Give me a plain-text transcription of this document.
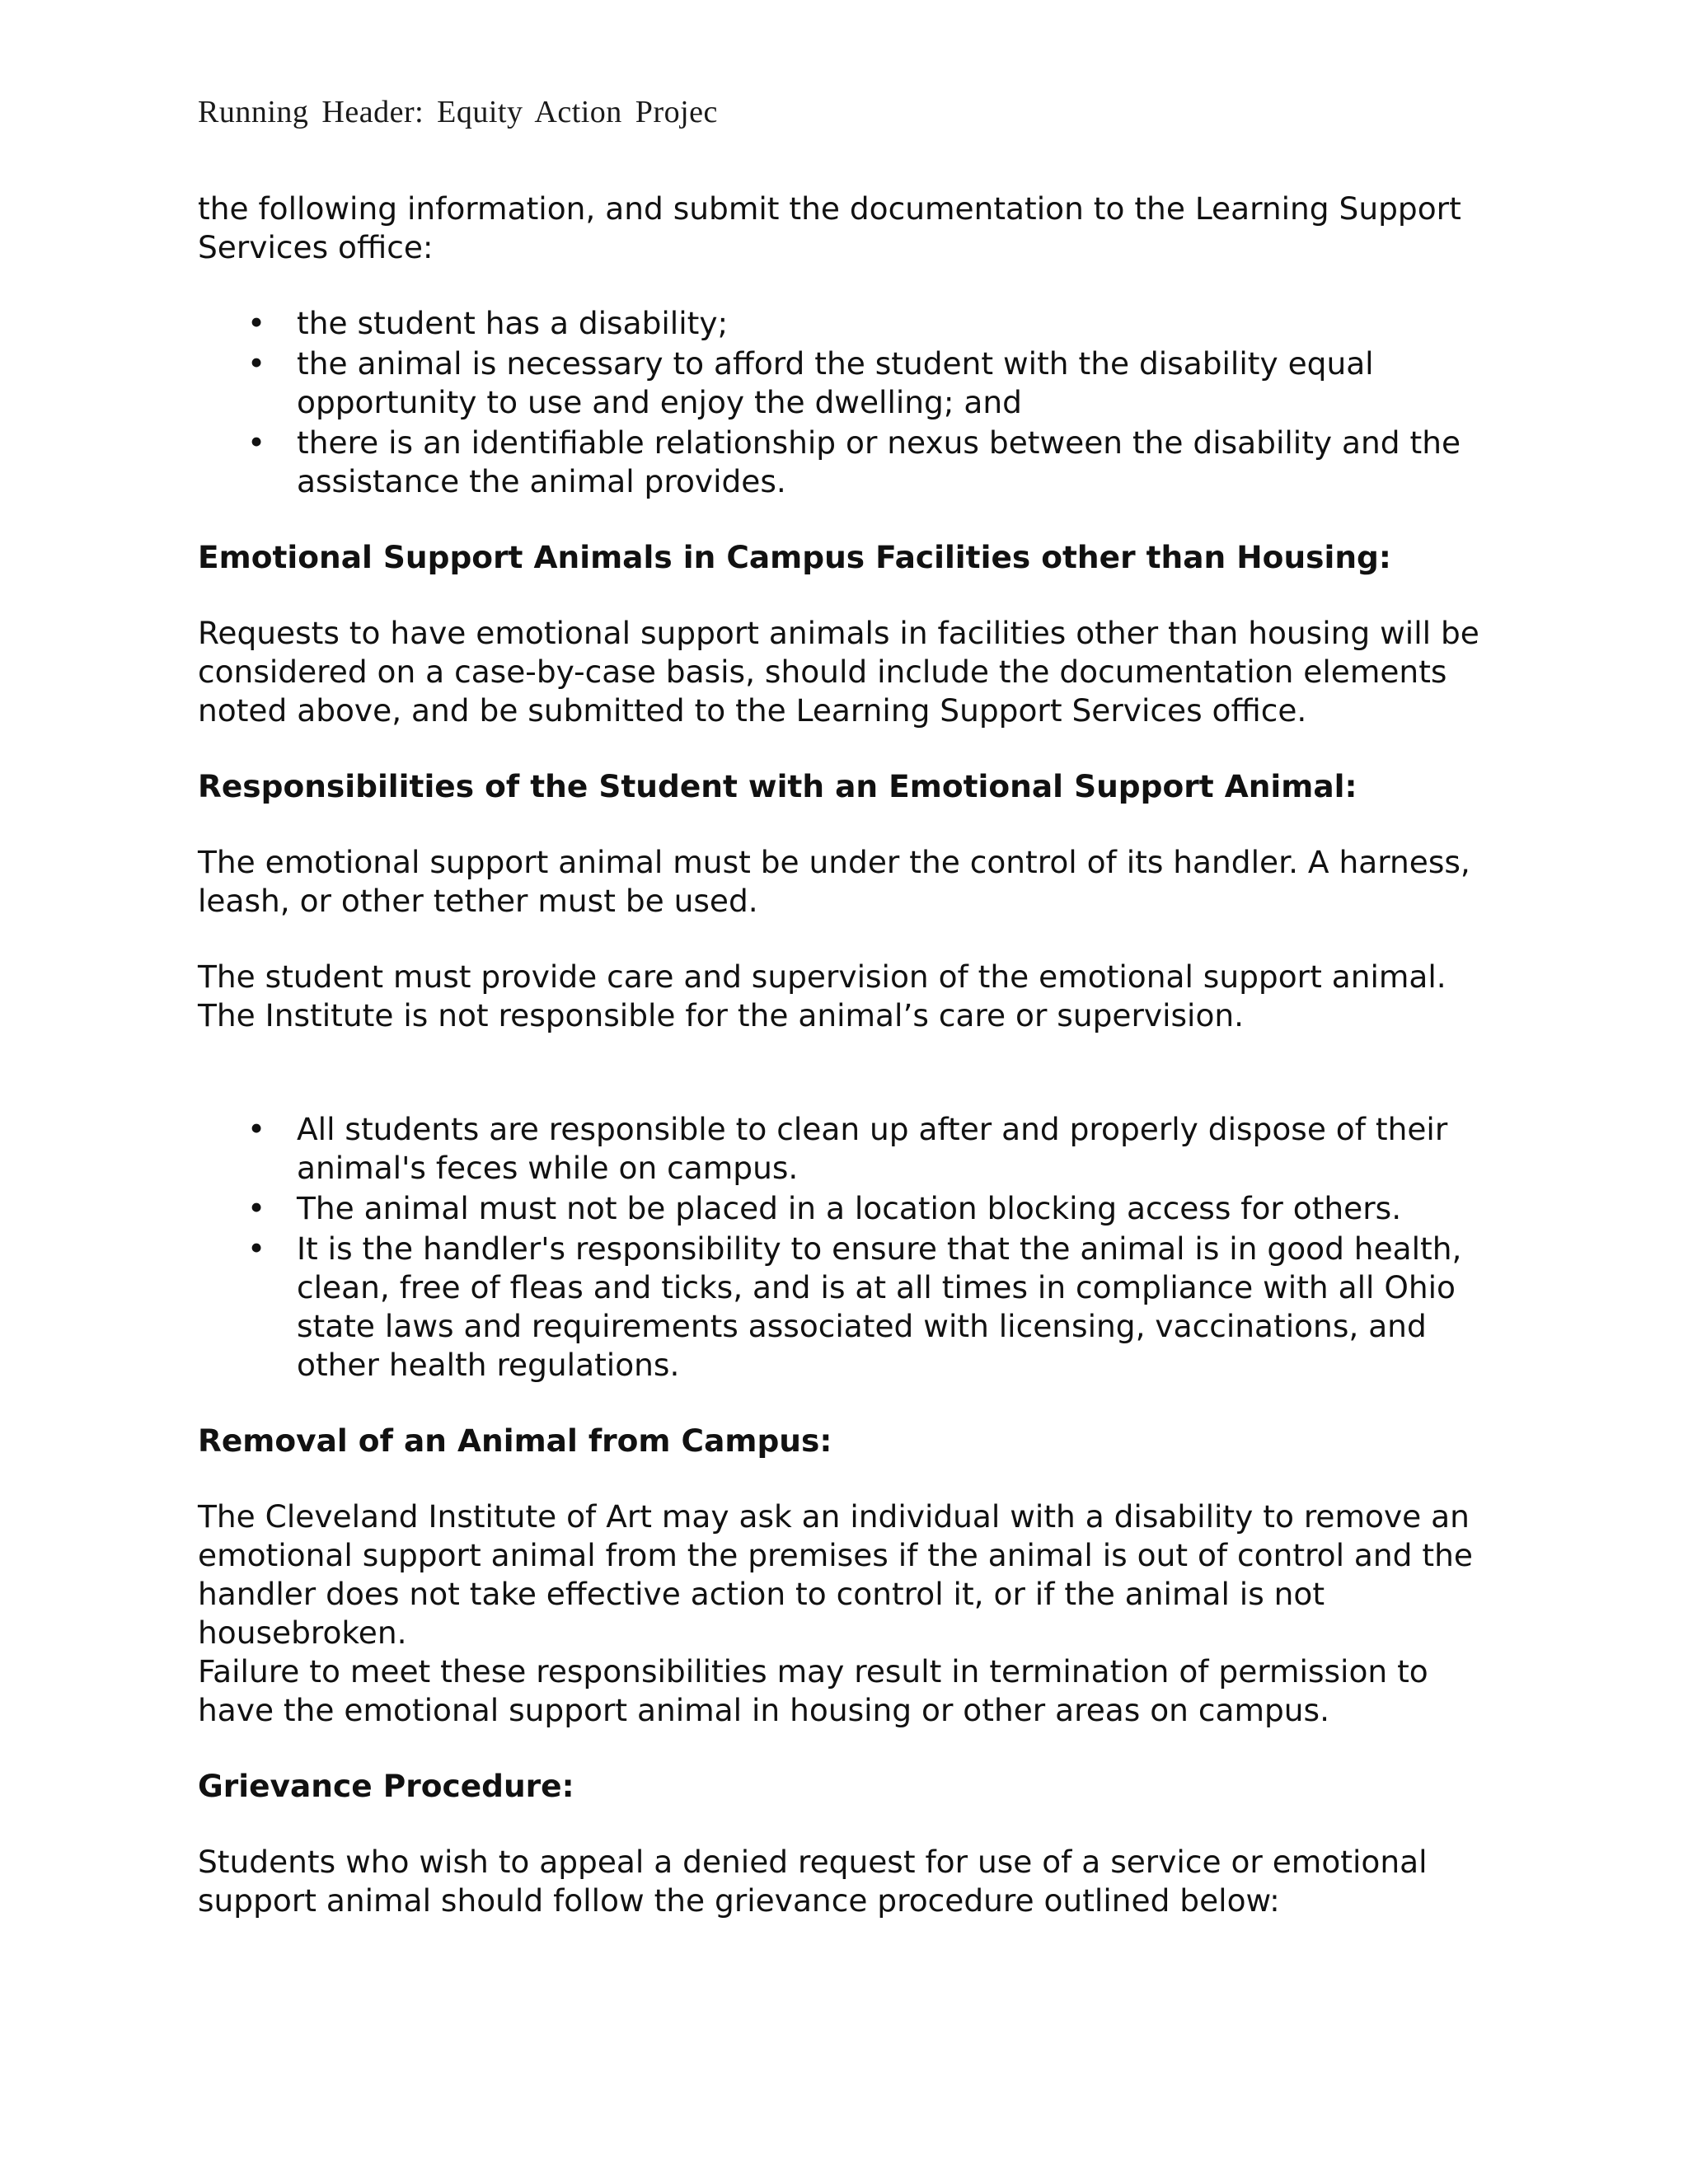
Running Header: Equity Action Projec

the following information, and submit the documentation to the Learning Support Services office:

• the student has a disability;
• the animal is necessary to afford the student with the disability equal opportunity to use and enjoy the dwelling; and
• there is an identifiable relationship or nexus between the disability and the assistance the animal provides.
Emotional Support Animals in Campus Facilities other than Housing:

Requests to have emotional support animals in facilities other than housing will be considered on a case-by-case basis, should include the documentation elements noted above, and be submitted to the Learning Support Services office.

Responsibilities of the Student with an Emotional Support Animal:

The emotional support animal must be under the control of its handler. A harness, leash, or other tether must be used.

The student must provide care and supervision of the emotional support animal. The Institute is not responsible for the animal’s care or supervision.

• All students are responsible to clean up after and properly dispose of their animal's feces while on campus.
• The animal must not be placed in a location blocking access for others.
• It is the handler's responsibility to ensure that the animal is in good health, clean, free of fleas and ticks, and is at all times in compliance with all Ohio state laws and requirements associated with licensing, vaccinations, and other health regulations.
Removal of an Animal from Campus:

The Cleveland Institute of Art may ask an individual with a disability to remove an emotional support animal from the premises if the animal is out of control and the handler does not take effective action to control it, or if the animal is not housebroken.

Failure to meet these responsibilities may result in termination of permission to have the emotional support animal in housing or other areas on campus.

Grievance Procedure:

Students who wish to appeal a denied request for use of a service or emotional support animal should follow the grievance procedure outlined below:
